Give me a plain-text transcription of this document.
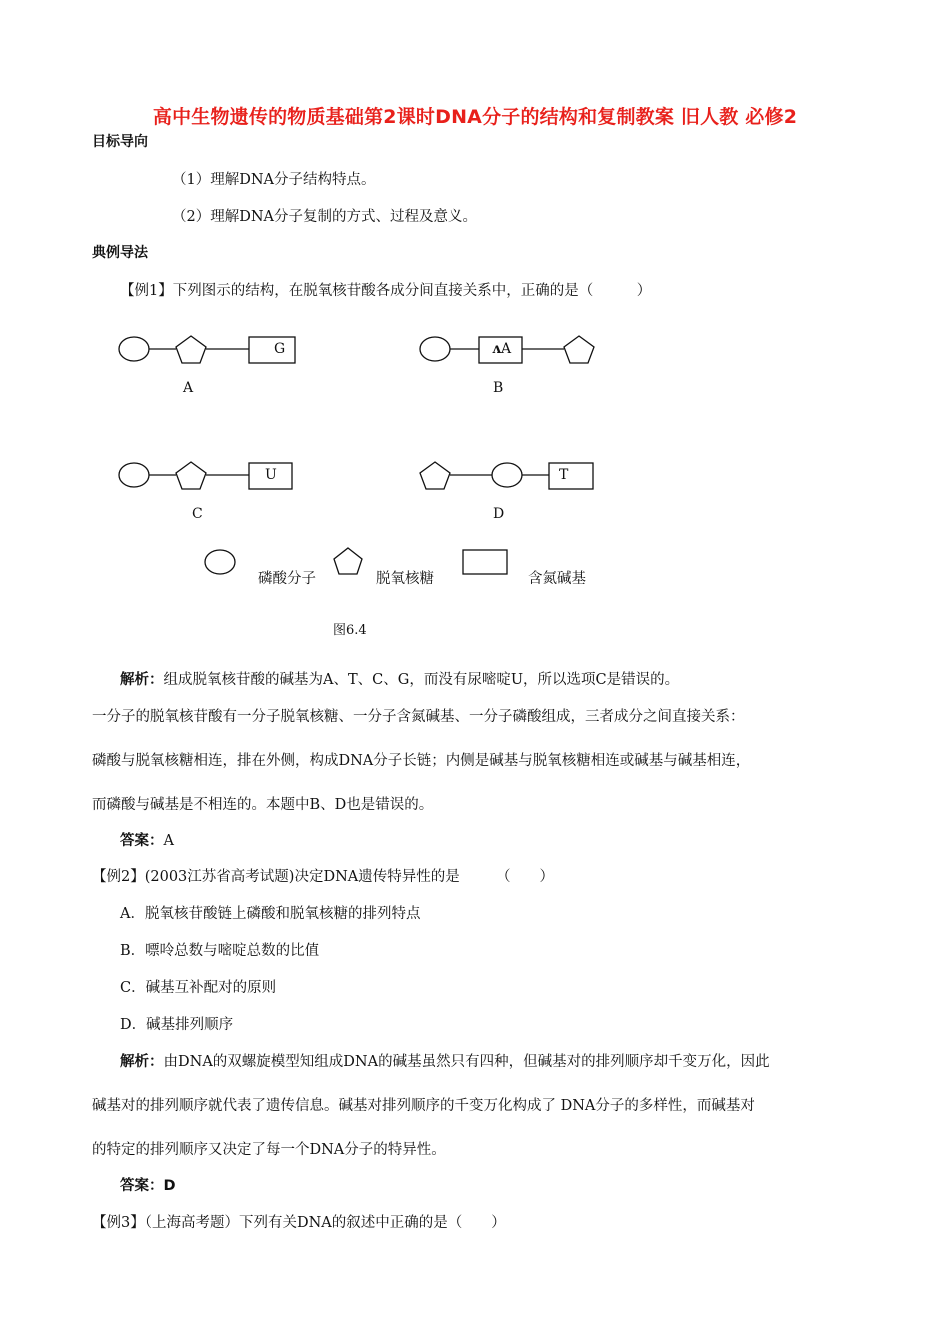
高中生物遗传的物质基础第2课时DNA分子的结构和复制教案 旧人教 必修2
目标导向
（1）理解DNA分子结构特点。
（2）理解DNA分子复制的方式、过程及意义。
典例导法
【例1】下列图示的结构，在脱氧核苷酸各成分间直接关系中，正确的是（　　　）
G	ʌA
U	T
A	B
C	D
磷酸分子	脱氧核糖	含氮碱基
图6.4
解析：组成脱氧核苷酸的碱基为A、T、C、G，而没有尿嘧啶U，所以选项C是错误的。
一分子的脱氧核苷酸有一分子脱氧核糖、一分子含氮碱基、一分子磷酸组成，三者成分之间直接关系：
磷酸与脱氧核糖相连，排在外侧，构成DNA分子长链；内侧是碱基与脱氧核糖相连或碱基与碱基相连，
而磷酸与碱基是不相连的。本题中B、D也是错误的。
答案：A
【例2】(2003江苏省高考试题)决定DNA遗传特异性的是　　　（　　）
A．脱氧核苷酸链上磷酸和脱氧核糖的排列特点
B．嘌呤总数与嘧啶总数的比值
C．碱基互补配对的原则
D．碱基排列顺序
解析：由DNA的双螺旋模型知组成DNA的碱基虽然只有四种，但碱基对的排列顺序却千变万化，因此
碱基对的排列顺序就代表了遗传信息。碱基对排列顺序的千变万化构成了 DNA分子的多样性，而碱基对
的特定的排列顺序又决定了每一个DNA分子的特异性。
答案：D
【例3】（上海高考题）下列有关DNA的叙述中正确的是（　　）
